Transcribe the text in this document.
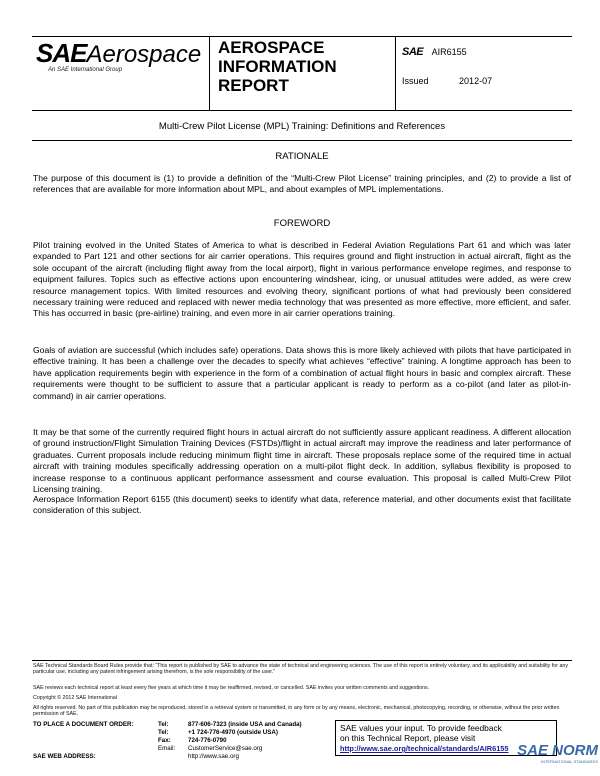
SAEAerospace
An SAE International Group
AEROSPACE
INFORMATION
REPORT
SAE AIR6155
Issued	2012-07
Multi-Crew Pilot License (MPL) Training: Definitions and References
RATIONALE
The purpose of this document is (1) to provide a definition of the “Multi-Crew Pilot License” training principles, and (2) to provide a list of references that are available for more information about MPL, and about examples of MPL implementations.
FOREWORD
Pilot training evolved in the United States of America to what is described in Federal Aviation Regulations Part 61 and which was later expanded to Part 121 and other sections for air carrier operations. This requires ground and flight instruction in actual aircraft, flight as the sole occupant of the aircraft (including flight away from the local airport), flight in various performance envelope regimes, and response to equipment failures. Topics such as effective actions upon encountering windshear, icing, or unusual attitudes were added, as were crew resource management topics. With limited resources and evolving theory, significant portions of what had previously been considered necessary training were reduced and replaced with newer media technology that was presented as more effective, more efficient, and safer. This has occurred in basic (pre-airline) training, and even more in air carrier operations training.
Goals of aviation are successful (which includes safe) operations. Data shows this is more likely achieved with pilots that have participated in effective training. It has been a challenge over the decades to specify what achieves “effective” training. A longtime approach has been to have application requirements begin with experience in the form of a combination of actual flight hours in basic and complex aircraft. These requirements were thought to be sufficient to assure that a particular applicant is ready to perform as a co-pilot (and later as pilot-in-command) in air carrier operations.
It may be that some of the currently required flight hours in actual aircraft do not sufficiently assure applicant readiness. A different allocation of ground instruction/Flight Simulation Training Devices (FSTDs)/flight in actual aircraft may improve the readiness and later performance of graduates. Current proposals include reducing minimum flight time in aircraft. These proposals replace some of the required time in actual aircraft with training modules specifically addressing operation on a multi-pilot flight deck. In addition, syllabus flexibility is proposed to increase response to a continuous applicant performance assessment and course evaluation. This proposal is called Multi-Crew Pilot Licensing training.
Aerospace Information Report 6155 (this document) seeks to identify what data, reference material, and other documents exist that facilitate consideration of this subject.
SAE Technical Standards Board Rules provide that: “This report is published by SAE to advance the state of technical and engineering sciences. The use of this report is entirely voluntary, and its applicability and suitability for any particular use, including any patent infringement arising therefrom, is the sole responsibility of the user.”
SAE reviews each technical report at least every five years at which time it may be reaffirmed, revised, or cancelled. SAE invites your written comments and suggestions.
Copyright © 2012 SAE International
All rights reserved. No part of this publication may be reproduced, stored in a retrieval system or transmitted, in any form or by any means, electronic, mechanical, photocopying, recording, or otherwise, without the prior written permission of SAE.
TO PLACE A DOCUMENT ORDER:	Tel:	877-606-7323 (inside USA and Canada)
Tel:	+1 724-776-4970 (outside USA)
Fax:	724-776-0790
Email:	CustomerService@sae.org
SAE WEB ADDRESS:	http://www.sae.org
SAE values your input. To provide feedback
on this Technical Report, please visit
http://www.sae.org/technical/standards/AIR6155 SAE NORM
INTERNATIONAL STANDARDS
